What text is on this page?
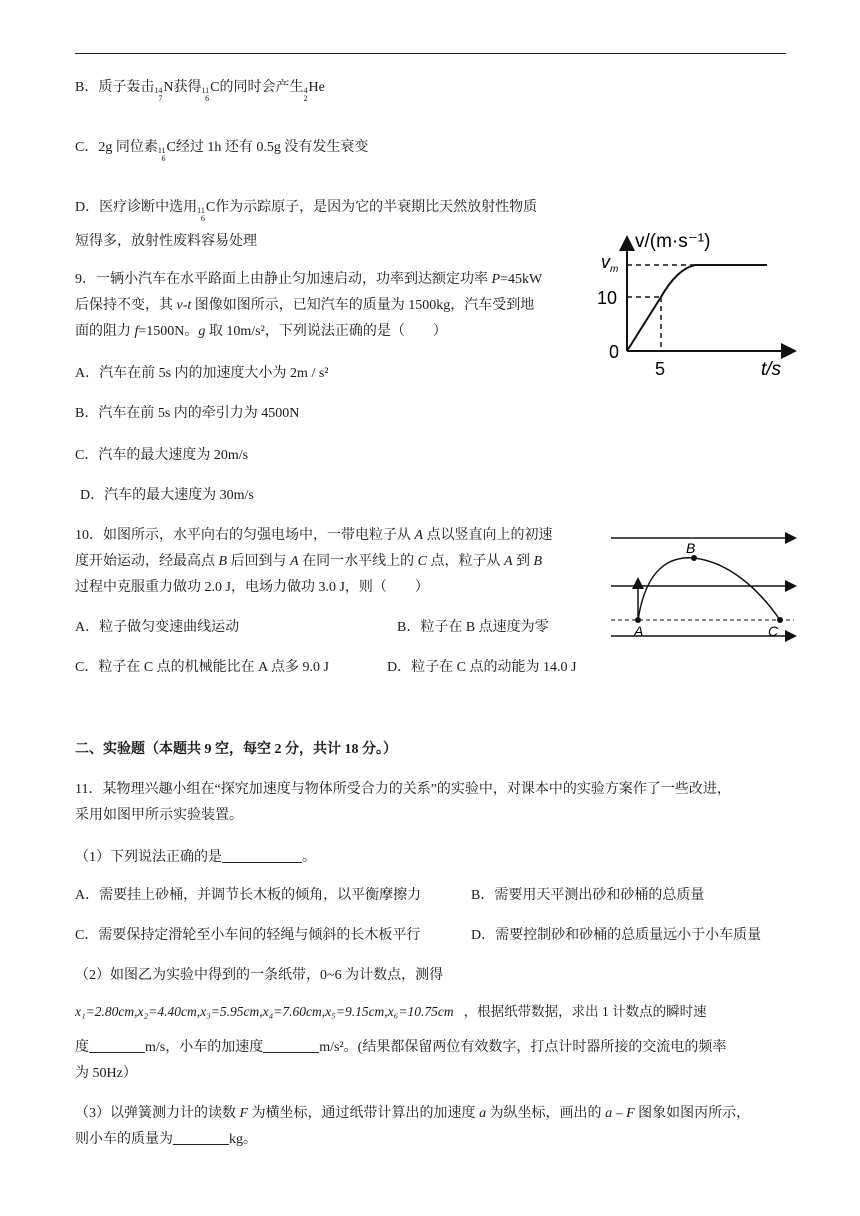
B．质子轰击 14
7
N获得 11
6
C的同时会产生 4
2
He
C．2g 同位素 11
6
C经过 1h 还有 0.5g 没有发生衰变
D．医疗诊断中选用 11
6
C作为示踪原子，是因为它的半衰期比天然放射性物质
短得多，放射性废料容易处理
9．一辆小汽车在水平路面上由静止匀加速启动，功率到达额定功率 P=45kW
后保持不变，其 v-t 图像如图所示，已知汽车的质量为 1500kg，汽车受到地
面的阻力 f=1500N。g 取 10m/s²，下列说法正确的是（　　）
A．汽车在前 5s 内的加速度大小为 2m / s²
B．汽车在前 5s 内的牵引力为 4500N
C．汽车的最大速度为 20m/s
D．汽车的最大速度为 30m/s
v/(m·s⁻¹)
$v_m$
10
0
5	t/s
10．如图所示，水平向右的匀强电场中，一带电粒子从 A 点以竖直向上的初速
度开始运动，经最高点 B 后回到与 A 在同一水平线上的 C 点，粒子从 A 到 B
过程中克服重力做功 2.0 J，电场力做功 3.0 J，则（　　）
A．粒子做匀变速曲线运动	B．粒子在 B 点速度为零
C．粒子在 C 点的机械能比在 A 点多 9.0 J	D．粒子在 C 点的动能为 14.0 J
B
A	C
二、实验题（本题共 9 空，每空 2 分，共计 18 分。）
11．某物理兴趣小组在“探究加速度与物体所受合力的关系”的实验中，对课本中的实验方案作了一些改进，
采用如图甲所示实验装置。
（1）下列说法正确的是	。
A．需要挂上砂桶，并调节长木板的倾角，以平衡摩擦力	B．需要用天平测出砂和砂桶的总质量
C．需要保持定滑轮至小车间的轻绳与倾斜的长木板平行	D．需要控制砂和砂桶的总质量远小于小车质量
（2）如图乙为实验中得到的一条纸带，0~6 为计数点，测得
x₁=2.80cm,x₂=4.40cm,x₃=5.95cm,x₄=7.60cm,x₅=9.15cm,x₆=10.75cm ，根据纸带数据，求出 1 计数点的瞬时速
度	m/s，小车的加速度	m/s²。(结果都保留两位有效数字，打点计时器所接的交流电的频率
为 50Hz）
（3）以弹簧测力计的读数 F 为横坐标，通过纸带计算出的加速度 a 为纵坐标，画出的 a – F 图象如图丙所示，
则小车的质量为	kg。
